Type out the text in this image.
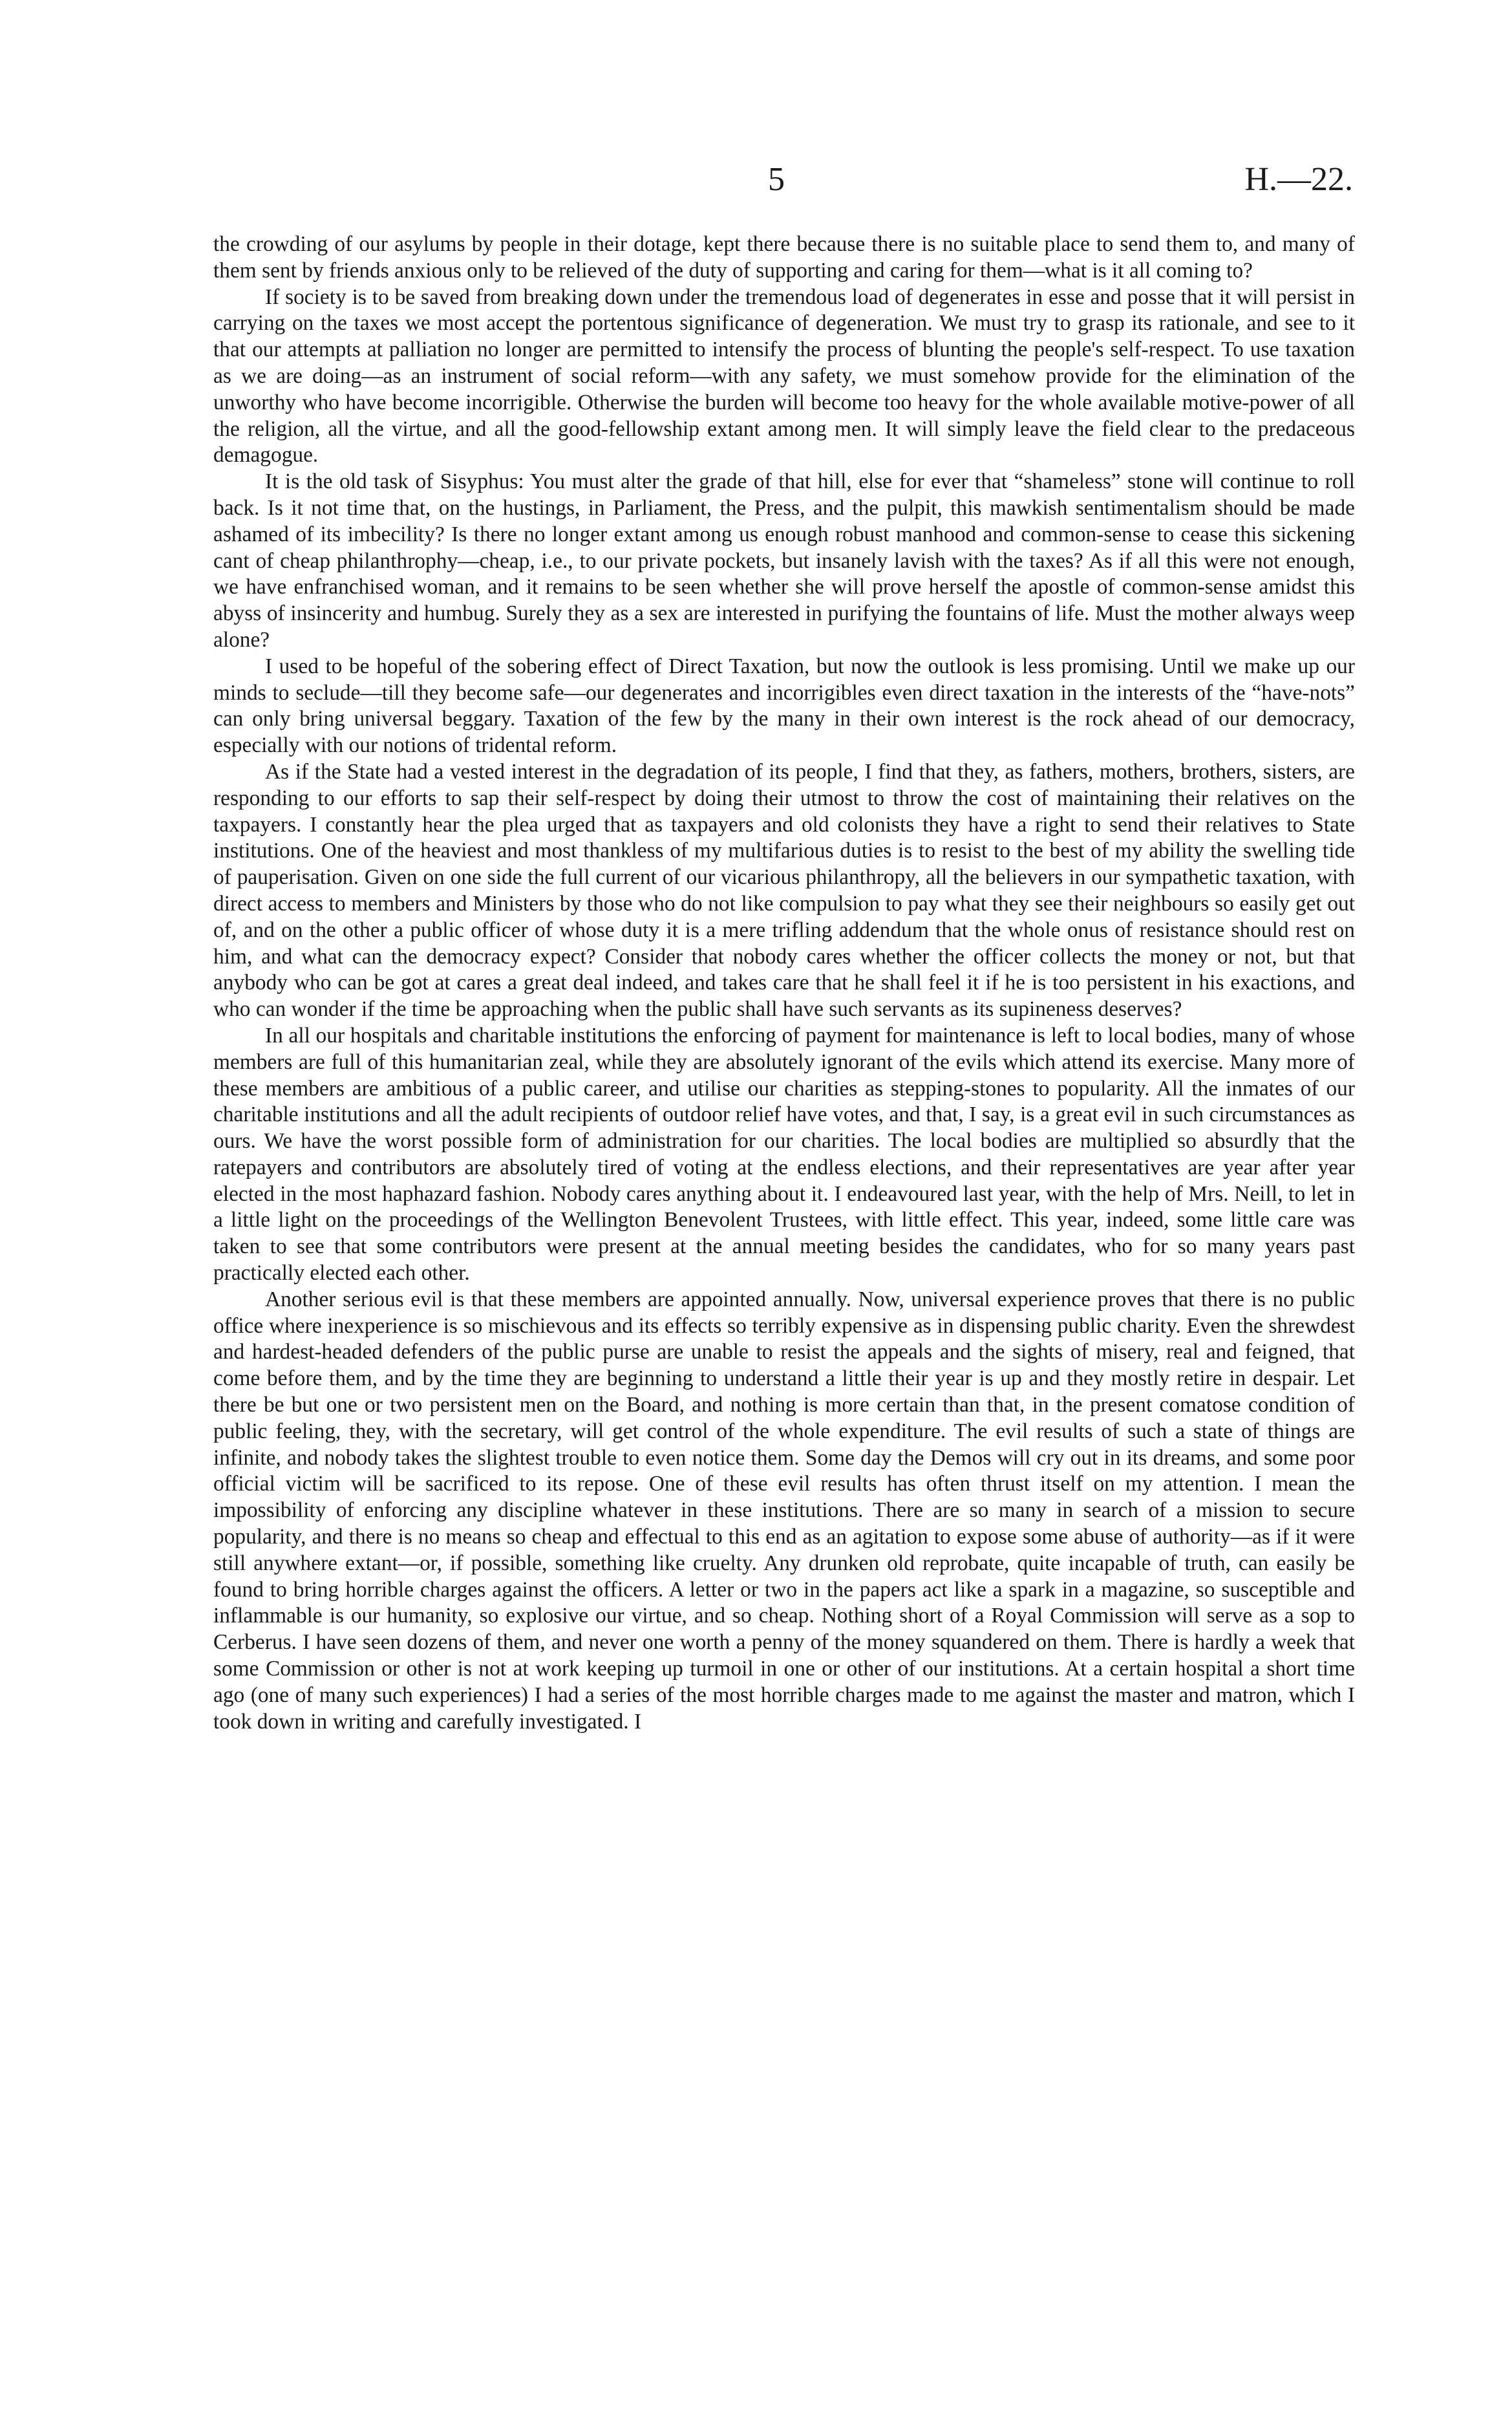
5	H.—22.

the crowding of our asylums by people in their dotage, kept there because there is no suitable place to send them to, and many of them sent by friends anxious only to be relieved of the duty of supporting and caring for them—what is it all coming to?

If society is to be saved from breaking down under the tremendous load of degenerates in esse and posse that it will persist in carrying on the taxes we most accept the portentous significance of degeneration. We must try to grasp its rationale, and see to it that our attempts at palliation no longer are permitted to intensify the process of blunting the people's self-respect. To use taxation as we are doing—as an instrument of social reform—with any safety, we must somehow provide for the elimination of the unworthy who have become incorrigible. Otherwise the burden will become too heavy for the whole available motive-power of all the religion, all the virtue, and all the good-fellowship extant among men. It will simply leave the field clear to the predaceous demagogue.

It is the old task of Sisyphus: You must alter the grade of that hill, else for ever that “shameless” stone will continue to roll back. Is it not time that, on the hustings, in Parliament, the Press, and the pulpit, this mawkish sentimentalism should be made ashamed of its imbecility? Is there no longer extant among us enough robust manhood and common-sense to cease this sickening cant of cheap philanthrophy—cheap, i.e., to our private pockets, but insanely lavish with the taxes? As if all this were not enough, we have enfranchised woman, and it remains to be seen whether she will prove herself the apostle of common-sense amidst this abyss of insincerity and humbug. Surely they as a sex are interested in purifying the fountains of life. Must the mother always weep alone?

I used to be hopeful of the sobering effect of Direct Taxation, but now the outlook is less promising. Until we make up our minds to seclude—till they become safe—our degenerates and incorrigibles even direct taxation in the interests of the “have-nots” can only bring universal beggary. Taxation of the few by the many in their own interest is the rock ahead of our democracy, especially with our notions of tridental reform.

As if the State had a vested interest in the degradation of its people, I find that they, as fathers, mothers, brothers, sisters, are responding to our efforts to sap their self-respect by doing their utmost to throw the cost of maintaining their relatives on the taxpayers. I constantly hear the plea urged that as taxpayers and old colonists they have a right to send their relatives to State institutions. One of the heaviest and most thankless of my multifarious duties is to resist to the best of my ability the swelling tide of pauperisation. Given on one side the full current of our vicarious philanthropy, all the believers in our sympathetic taxation, with direct access to members and Ministers by those who do not like compulsion to pay what they see their neighbours so easily get out of, and on the other a public officer of whose duty it is a mere trifling addendum that the whole onus of resistance should rest on him, and what can the democracy expect? Consider that nobody cares whether the officer collects the money or not, but that anybody who can be got at cares a great deal indeed, and takes care that he shall feel it if he is too persistent in his exactions, and who can wonder if the time be approaching when the public shall have such servants as its supineness deserves?

In all our hospitals and charitable institutions the enforcing of payment for maintenance is left to local bodies, many of whose members are full of this humanitarian zeal, while they are absolutely ignorant of the evils which attend its exercise. Many more of these members are ambitious of a public career, and utilise our charities as stepping-stones to popularity. All the inmates of our charitable institutions and all the adult recipients of outdoor relief have votes, and that, I say, is a great evil in such circumstances as ours. We have the worst possible form of administration for our charities. The local bodies are multiplied so absurdly that the ratepayers and contributors are absolutely tired of voting at the endless elections, and their representatives are year after year elected in the most haphazard fashion. Nobody cares anything about it. I endeavoured last year, with the help of Mrs. Neill, to let in a little light on the proceedings of the Wellington Benevolent Trustees, with little effect. This year, indeed, some little care was taken to see that some contributors were present at the annual meeting besides the candidates, who for so many years past practically elected each other.

Another serious evil is that these members are appointed annually. Now, universal experience proves that there is no public office where inexperience is so mischievous and its effects so terribly expensive as in dispensing public charity. Even the shrewdest and hardest-headed defenders of the public purse are unable to resist the appeals and the sights of misery, real and feigned, that come before them, and by the time they are beginning to understand a little their year is up and they mostly retire in despair. Let there be but one or two persistent men on the Board, and nothing is more certain than that, in the present comatose condition of public feeling, they, with the secretary, will get control of the whole expenditure. The evil results of such a state of things are infinite, and nobody takes the slightest trouble to even notice them. Some day the Demos will cry out in its dreams, and some poor official victim will be sacrificed to its repose. One of these evil results has often thrust itself on my attention. I mean the impossibility of enforcing any discipline whatever in these institutions. There are so many in search of a mission to secure popularity, and there is no means so cheap and effectual to this end as an agitation to expose some abuse of authority—as if it were still anywhere extant—or, if possible, something like cruelty. Any drunken old reprobate, quite incapable of truth, can easily be found to bring horrible charges against the officers. A letter or two in the papers act like a spark in a magazine, so susceptible and inflammable is our humanity, so explosive our virtue, and so cheap. Nothing short of a Royal Commission will serve as a sop to Cerberus. I have seen dozens of them, and never one worth a penny of the money squandered on them. There is hardly a week that some Commission or other is not at work keeping up turmoil in one or other of our institutions. At a certain hospital a short time ago (one of many such experiences) I had a series of the most horrible charges made to me against the master and matron, which I took down in writing and carefully investigated. I
